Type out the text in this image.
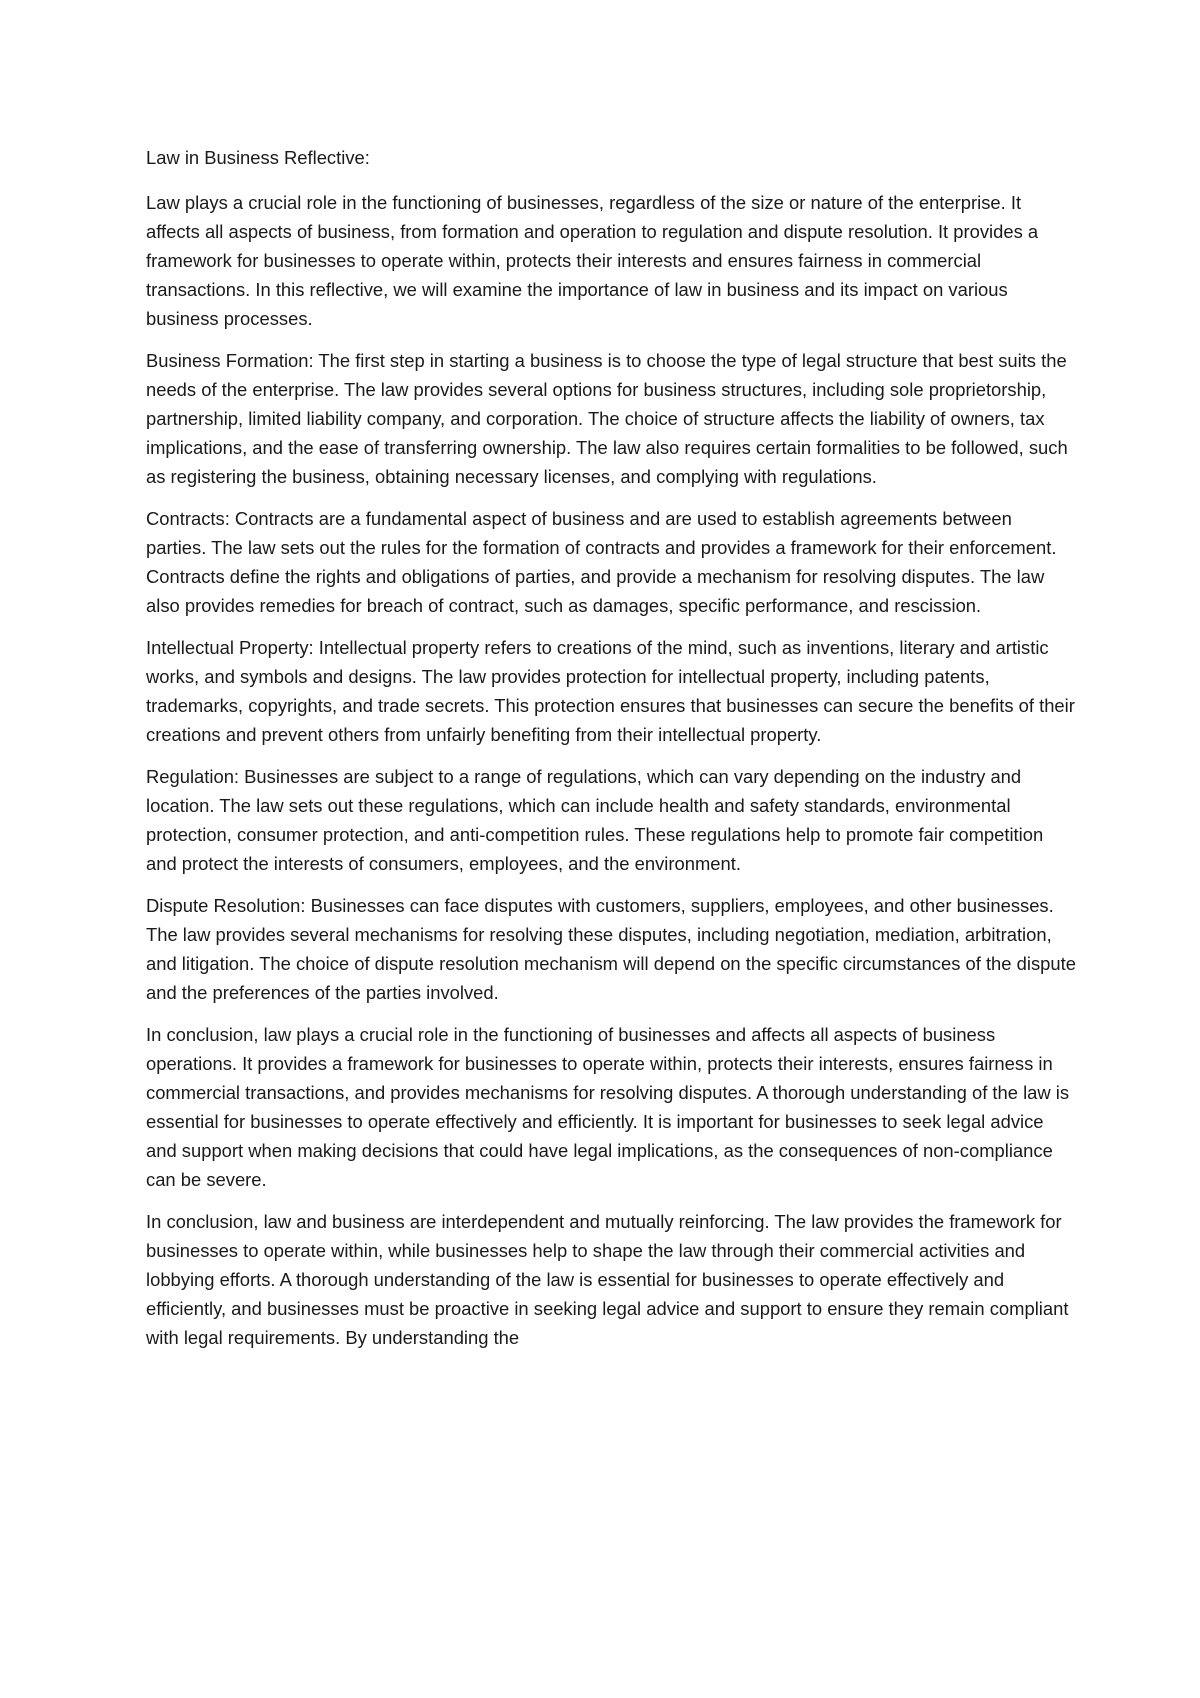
Law in Business Reflective:

Law plays a crucial role in the functioning of businesses, regardless of the size or nature of the enterprise. It affects all aspects of business, from formation and operation to regulation and dispute resolution. It provides a framework for businesses to operate within, protects their interests and ensures fairness in commercial transactions. In this reflective, we will examine the importance of law in business and its impact on various business processes.

Business Formation: The first step in starting a business is to choose the type of legal structure that best suits the needs of the enterprise. The law provides several options for business structures, including sole proprietorship, partnership, limited liability company, and corporation. The choice of structure affects the liability of owners, tax implications, and the ease of transferring ownership. The law also requires certain formalities to be followed, such as registering the business, obtaining necessary licenses, and complying with regulations.

Contracts: Contracts are a fundamental aspect of business and are used to establish agreements between parties. The law sets out the rules for the formation of contracts and provides a framework for their enforcement. Contracts define the rights and obligations of parties, and provide a mechanism for resolving disputes. The law also provides remedies for breach of contract, such as damages, specific performance, and rescission.

Intellectual Property: Intellectual property refers to creations of the mind, such as inventions, literary and artistic works, and symbols and designs. The law provides protection for intellectual property, including patents, trademarks, copyrights, and trade secrets. This protection ensures that businesses can secure the benefits of their creations and prevent others from unfairly benefiting from their intellectual property.

Regulation: Businesses are subject to a range of regulations, which can vary depending on the industry and location. The law sets out these regulations, which can include health and safety standards, environmental protection, consumer protection, and anti-competition rules. These regulations help to promote fair competition and protect the interests of consumers, employees, and the environment.

Dispute Resolution: Businesses can face disputes with customers, suppliers, employees, and other businesses. The law provides several mechanisms for resolving these disputes, including negotiation, mediation, arbitration, and litigation. The choice of dispute resolution mechanism will depend on the specific circumstances of the dispute and the preferences of the parties involved.

In conclusion, law plays a crucial role in the functioning of businesses and affects all aspects of business operations. It provides a framework for businesses to operate within, protects their interests, ensures fairness in commercial transactions, and provides mechanisms for resolving disputes. A thorough understanding of the law is essential for businesses to operate effectively and efficiently. It is important for businesses to seek legal advice and support when making decisions that could have legal implications, as the consequences of non-compliance can be severe.

In conclusion, law and business are interdependent and mutually reinforcing. The law provides the framework for businesses to operate within, while businesses help to shape the law through their commercial activities and lobbying efforts. A thorough understanding of the law is essential for businesses to operate effectively and efficiently, and businesses must be proactive in seeking legal advice and support to ensure they remain compliant with legal requirements. By understanding the
